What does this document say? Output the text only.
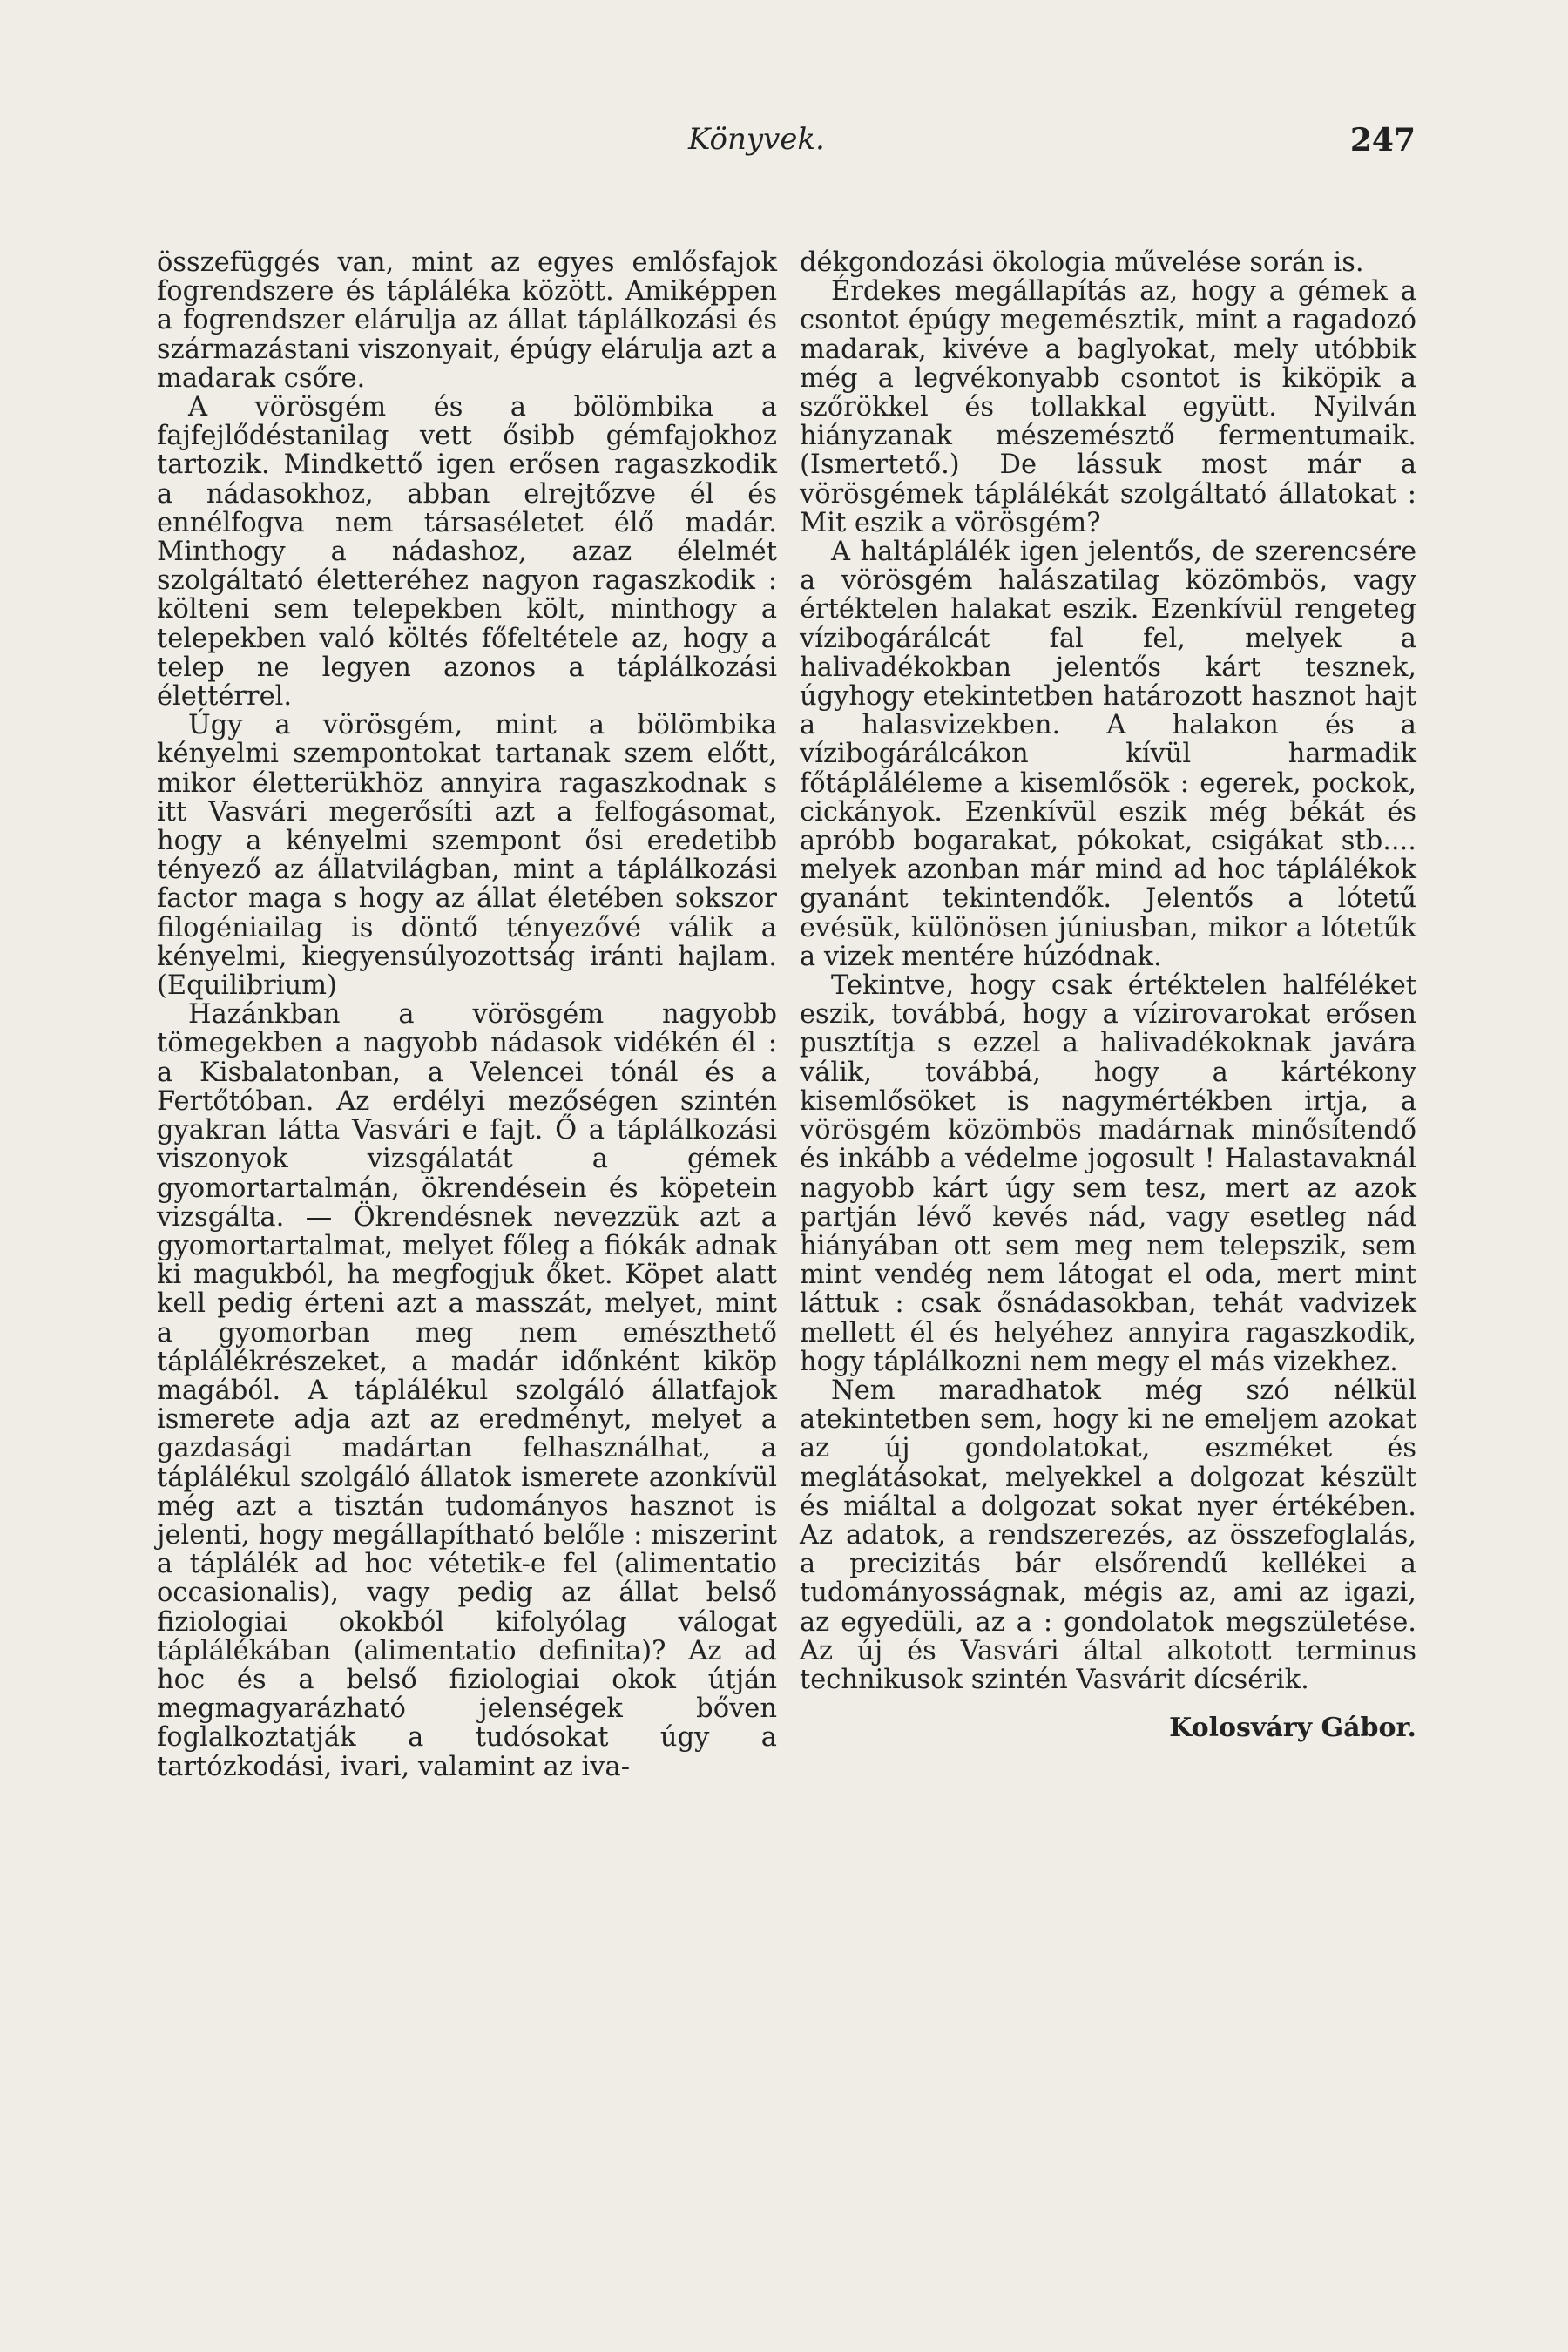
Könyvek.	247

összefüggés van, mint az egyes emlősfajok fogrendszere és tápláléka között. Amiképpen a fogrendszer elárulja az állat táplálkozási és származástani viszonyait, épúgy elárulja azt a madarak csőre.

A vörösgém és a bölömbika a fajfejlődéstanilag vett ősibb gémfajokhoz tartozik. Mindkettő igen erősen ragaszkodik a nádasokhoz, abban elrejtőzve él és ennélfogva nem társaséletet élő madár. Minthogy a nádashoz, azaz élelmét szolgáltató életteréhez nagyon ragaszkodik : költeni sem telepekben költ, minthogy a telepekben való költés főfeltétele az, hogy a telep ne legyen azonos a táplálkozási élettérrel.

Úgy a vörösgém, mint a bölömbika kényelmi szempontokat tartanak szem előtt, mikor életterükhöz annyira ragaszkodnak s itt Vasvári megerősíti azt a felfogásomat, hogy a kényelmi szempont ősi eredetibb tényező az állatvilágban, mint a táplálkozási factor maga s hogy az állat életében sokszor filogéniailag is döntő tényezővé válik a kényelmi, kiegyensúlyozottság iránti hajlam. (Equilibrium)

Hazánkban a vörösgém nagyobb tömegekben a nagyobb nádasok vidékén él : a Kisbalatonban, a Velencei tónál és a Fertőtóban. Az erdélyi mezőségen szintén gyakran látta Vasvári e fajt. Ő a táplálkozási viszonyok vizsgálatát a gémek gyomortartalmán, ökrendésein és köpetein vizsgálta. — Ökrendésnek nevezzük azt a gyomortartalmat, melyet főleg a fiókák adnak ki magukból, ha megfogjuk őket. Köpet alatt kell pedig érteni azt a masszát, melyet, mint a gyomorban meg nem emészthető táplálékrészeket, a madár időnként kiköp magából. A táplálékul szolgáló állatfajok ismerete adja azt az eredményt, melyet a gazdasági madártan felhasználhat, a táplálékul szolgáló állatok ismerete azonkívül még azt a tisztán tudományos hasznot is jelenti, hogy megállapítható belőle : miszerint a táplálék ad hoc vétetik-e fel (alimentatio occasionalis), vagy pedig az állat belső fiziologiai okokból kifolyólag válogat táplálékában (alimentatio definita)? Az ad hoc és a belső fiziologiai okok útján megmagyarázható jelenségek bőven foglalkoztatják a tudósokat úgy a tartózkodási, ivari, valamint az iva-

dékgondozási ökologia művelése során is.

Érdekes megállapítás az, hogy a gémek a csontot épúgy megemésztik, mint a ragadozó madarak, kivéve a baglyokat, mely utóbbik még a legvékonyabb csontot is kiköpik a szőrökkel és tollakkal együtt. Nyilván hiányzanak mészemésztő fermentumaik. (Ismertető.) De lássuk most már a vörösgémek táplálékát szolgáltató állatokat : Mit eszik a vörösgém?

A haltáplálék igen jelentős, de szerencsére a vörösgém halászatilag közömbös, vagy értéktelen halakat eszik. Ezenkívül rengeteg vízibogárálcát fal fel, melyek a halivadékokban jelentős kárt tesznek, úgyhogy etekintetben határozott hasznot hajt a halasvizekben. A halakon és a vízibogárálcákon kívül harmadik főtápláléleme a kisemlősök : egerek, pockok, cickányok. Ezenkívül eszik még békát és apróbb bogarakat, pókokat, csigákat stb.... melyek azonban már mind ad hoc táplálékok gyanánt tekintendők. Jelentős a lótetű evésük, különösen júniusban, mikor a lótetűk a vizek mentére húzódnak.

Tekintve, hogy csak értéktelen halféléket eszik, továbbá, hogy a vízirovarokat erősen pusztítja s ezzel a halivadékoknak javára válik, továbbá, hogy a kártékony kisemlősöket is nagymértékben irtja, a vörösgém közömbös madárnak minősítendő és inkább a védelme jogosult ! Halastavaknál nagyobb kárt úgy sem tesz, mert az azok partján lévő kevés nád, vagy esetleg nád hiányában ott sem meg nem telepszik, sem mint vendég nem látogat el oda, mert mint láttuk : csak ősnádasokban, tehát vadvizek mellett él és helyéhez annyira ragaszkodik, hogy táplálkozni nem megy el más vizekhez.

Nem maradhatok még szó nélkül atekintetben sem, hogy ki ne emeljem azokat az új gondolatokat, eszméket és meglátásokat, melyekkel a dolgozat készült és miáltal a dolgozat sokat nyer értékében. Az adatok, a rendszerezés, az összefoglalás, a precizitás bár elsőrendű kellékei a tudományosságnak, mégis az, ami az igazi, az egyedüli, az a : gondolatok megszületése. Az új és Vasvári által alkotott terminus technikusok szintén Vasvárit dícsérik.

Kolosváry Gábor.
